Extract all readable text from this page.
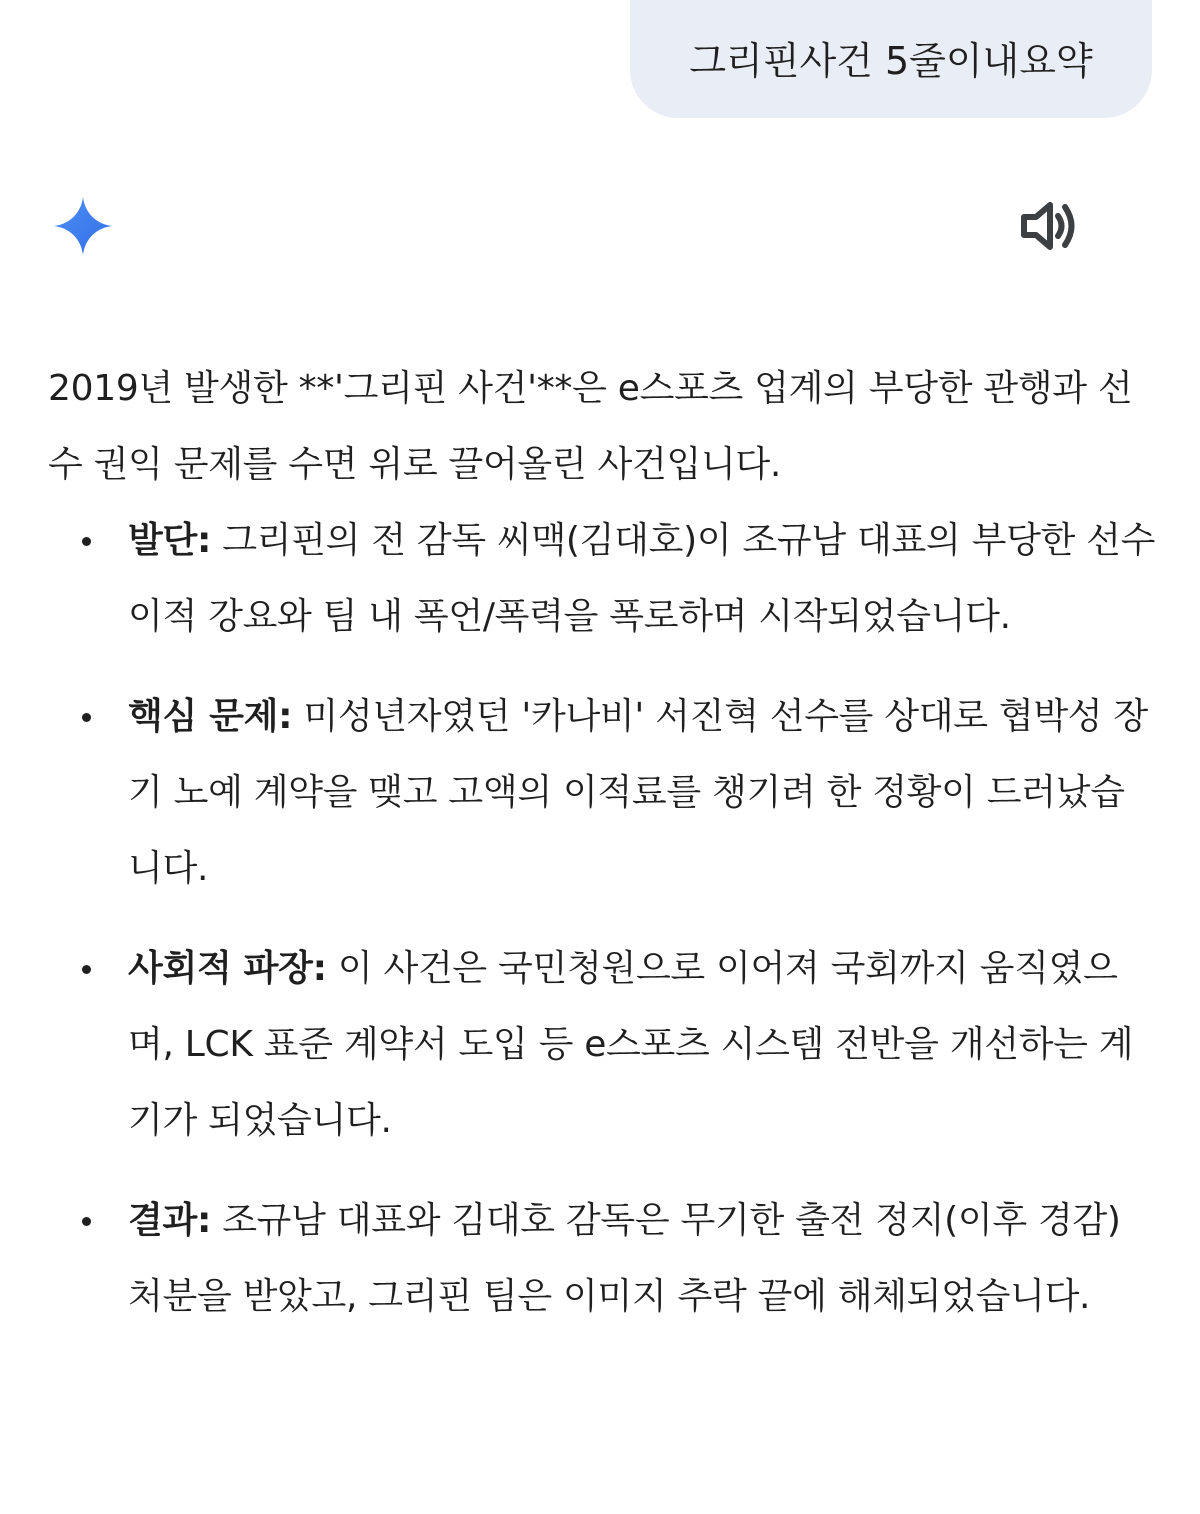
그리핀사건 5줄이내요약

2019년 발생한 **'그리핀 사건'**은 e스포츠 업계의 부당한 관행과 선수 권익 문제를 수면 위로 끌어올린 사건입니다.

발단: 그리핀의 전 감독 씨맥(김대호)이 조규남 대표의 부당한 선수 이적 강요와 팀 내 폭언/폭력을 폭로하며 시작되었습니다.
핵심 문제: 미성년자였던 '카나비' 서진혁 선수를 상대로 협박성 장기 노예 계약을 맺고 고액의 이적료를 챙기려 한 정황이 드러났습니다.
사회적 파장: 이 사건은 국민청원으로 이어져 국회까지 움직였으며, LCK 표준 계약서 도입 등 e스포츠 시스템 전반을 개선하는 계기가 되었습니다.
결과: 조규남 대표와 김대호 감독은 무기한 출전 정지(이후 경감) 처분을 받았고, 그리핀 팀은 이미지 추락 끝에 해체되었습니다.
